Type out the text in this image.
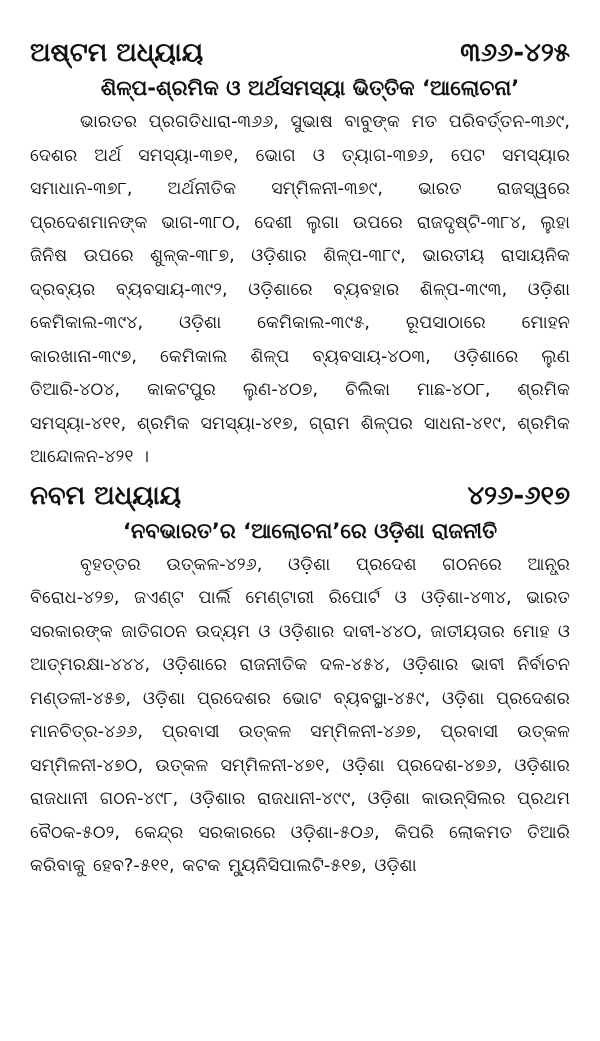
ଅଷ୍ଟମ ଅଧ୍ୟାୟ	୩୬୬-୪୨୫
ଶିଳ୍ପ-ଶ୍ରମିକ ଓ ଅର୍ଥସମସ୍ୟା ଭିତ୍ତିକ ‘ଆଲୋଚନା’

ଭାରତର ପ୍ରଗତିଧାରା-୩୬୬, ସୁଭାଷ ବାବୁଙ୍କ ମତ ପରିବର୍ତ୍ତନ-୩୬୯, ଦେଶର ଅର୍ଥ ସମସ୍ୟା-୩୭୧, ଭୋଗ ଓ ତ୍ୟାଗ-୩୭୬, ପେଟ ସମସ୍ୟାର ସମାଧାନ-୩୭୮, ଅର୍ଥନୀତିକ ସମ୍ମିଳନୀ-୩୭୯, ଭାରତ ରାଜସ୍ୱରେ ପ୍ରଦେଶମାନଙ୍କ ଭାଗ-୩୮୦, ଦେଶୀ ଲୁଗା ଉପରେ ରାଜଦୃଷ୍ଟି-୩୮୪, ଲୁହା ଜିନିଷ ଉପରେ ଶୁଳ୍କ-୩୮୭, ଓଡ଼ିଶାର ଶିଳ୍ପ-୩୮୯, ଭାରତୀୟ ରାସାୟନିକ ଦ୍ରବ୍ୟର ବ୍ୟବସାୟ-୩୯୨, ଓଡ଼ିଶାରେ ବ୍ୟବହାର ଶିଳ୍ପ-୩୯୩, ଓଡ଼ିଶା କେମିକାଲ-୩୯୪, ଓଡ଼ିଶା କେମିକାଲ-୩୯୫, ରୂପସାଠାରେ ମୋହନ କାରଖାନା-୩୯୭, କେମିକାଲ ଶିଳ୍ପ ବ୍ୟବସାୟ-୪୦୩, ଓଡ଼ିଶାରେ ଲୁଣ ତିଆରି-୪୦୪, କାକଟପୁର ଲୁଣ-୪୦୭, ଚିଲିକା ମାଛ-୪୦୮, ଶ୍ରମିକ ସମସ୍ୟା-୪୧୧, ଶ୍ରମିକ ସମସ୍ୟା-୪୧୭, ଗ୍ରାମ ଶିଳ୍ପର ସାଧନା-୪୧୯, ଶ୍ରମିକ ଆନ୍ଦୋଳନ-୪୨୧ ।

ନବମ ଅଧ୍ୟାୟ	୪୨୬-୬୧୭
‘ନବଭାରତ’ର ‘ଆଲୋଚନା’ରେ ଓଡ଼ିଶା ରାଜନୀତି

ବୃହତ୍ତର ଉତ୍କଳ-୪୨୬, ଓଡ଼ିଶା ପ୍ରଦେଶ ଗଠନରେ ଆନ୍ଧ୍ର ବିରୋଧ-୪୨୭, ଜଏଣ୍ଟ ପାର୍ଲି ମେଣ୍ଟାରୀ ରିପୋର୍ଟ ଓ ଓଡ଼ିଶା-୪୩୪, ଭାରତ ସରକାରଙ୍କ ଜାତିଗଠନ ଉଦ୍ୟମ ଓ ଓଡ଼ିଶାର ଦାବୀ-୪୪୦, ଜାତୀୟତାର ମୋହ ଓ ଆତ୍ମରକ୍ଷା-୪୪୪, ଓଡ଼ିଶାରେ ରାଜନୀତିକ ଦଳ-୪୫୪, ଓଡ଼ିଶାର ଭାବୀ ନିର୍ବାଚନ ମଣ୍ଡଳୀ-୪୫୭, ଓଡ଼ିଶା ପ୍ରଦେଶର ଭୋଟ ବ୍ୟବସ୍ଥା-୪୫୯, ଓଡ଼ିଶା ପ୍ରଦେଶର ମାନଚିତ୍ର-୪୬୬, ପ୍ରବାସୀ ଉତ୍କଳ ସମ୍ମିଳନୀ-୪୬୭, ପ୍ରବାସୀ ଉତ୍କଳ ସମ୍ମିଳନୀ-୪୭୦, ଉତ୍କଳ ସମ୍ମିଳନୀ-୪୭୧, ଓଡ଼ିଶା ପ୍ରଦେଶ-୪୭୬, ଓଡ଼ିଶାର ରାଜଧାନୀ ଗଠନ-୪୯୮, ଓଡ଼ିଶାର ରାଜଧାନୀ-୪୯୯, ଓଡ଼ିଶା କାଉନ୍ସିଲର ପ୍ରଥମ ବୈଠକ-୫୦୨, କେନ୍ଦ୍ର ସରକାରରେ ଓଡ଼ିଶା-୫୦୬, କିପରି ଲୋକମତ ତିଆରି କରିବାକୁ ହେବ?-୫୧୧, କଟକ ମ୍ୟୁନିସିପାଲଟି-୫୧୭, ଓଡ଼ିଶା
